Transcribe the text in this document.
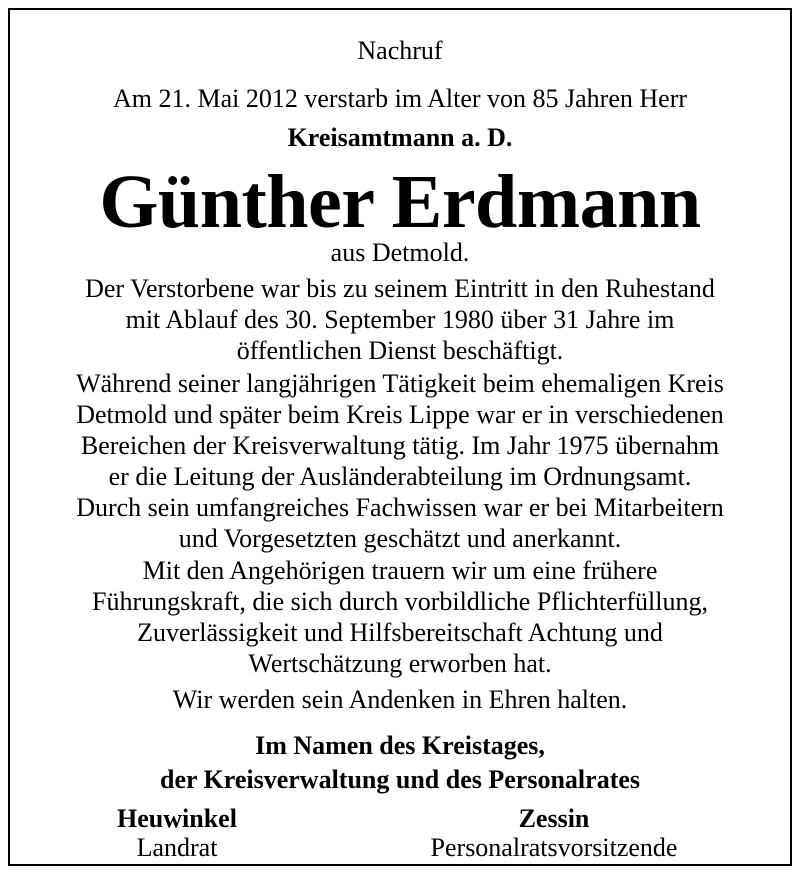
Nachruf
Am 21. Mai 2012 verstarb im Alter von 85 Jahren Herr
Kreisamtmann a. D.
Günther Erdmann
aus Detmold.
Der Verstorbene war bis zu seinem Eintritt in den Ruhestand
mit Ablauf des 30. September 1980 über 31 Jahre im
öffentlichen Dienst beschäftigt.
Während seiner langjährigen Tätigkeit beim ehemaligen Kreis
Detmold und später beim Kreis Lippe war er in verschiedenen
Bereichen der Kreisverwaltung tätig. Im Jahr 1975 übernahm
er die Leitung der Ausländerabteilung im Ordnungsamt.
Durch sein umfangreiches Fachwissen war er bei Mitarbeitern
und Vorgesetzten geschätzt und anerkannt.
Mit den Angehörigen trauern wir um eine frühere
Führungskraft, die sich durch vorbildliche Pflichterfüllung,
Zuverlässigkeit und Hilfsbereitschaft Achtung und
Wertschätzung erworben hat.
Wir werden sein Andenken in Ehren halten.
Im Namen des Kreistages,
der Kreisverwaltung und des Personalrates
Heuwinkel
Landrat
Zessin
Personalratsvorsitzende
